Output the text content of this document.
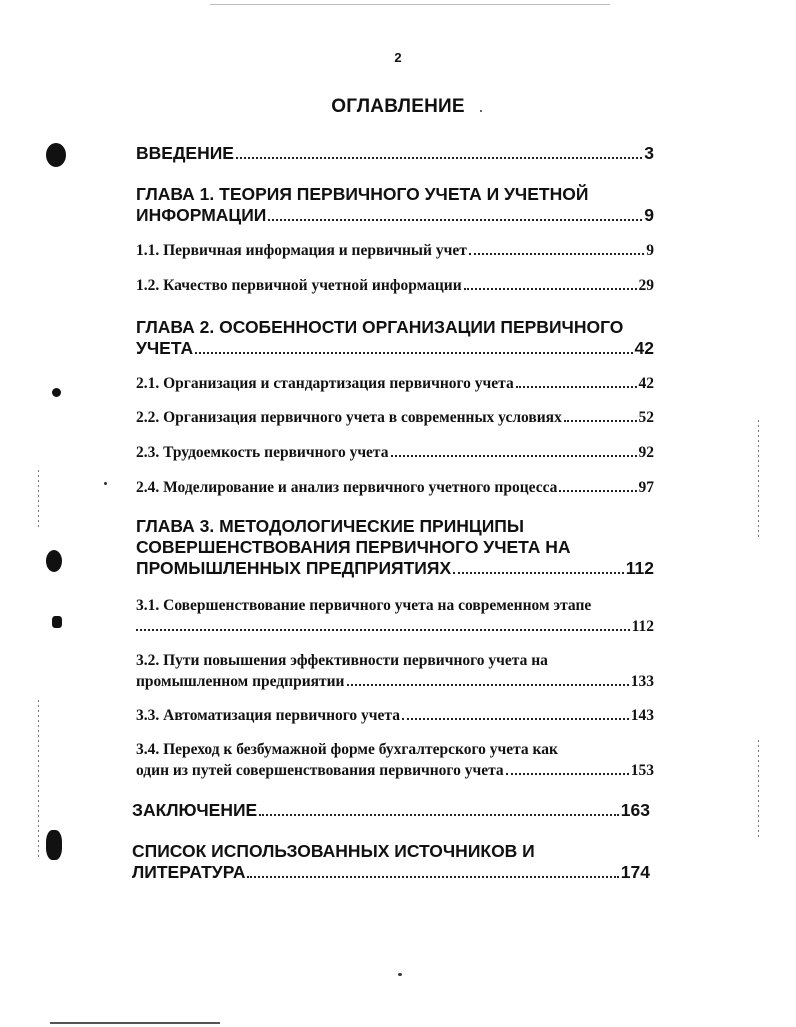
2
ОГЛАВЛЕНИЕ
ВВЕДЕНИЕ	3
ГЛАВА 1. ТЕОРИЯ ПЕРВИЧНОГО УЧЕТА И УЧЕТНОЙ
ИНФОРМАЦИИ	9
1.1. Первичная информация и первичный учет	9
1.2. Качество первичной учетной информации	29
ГЛАВА 2. ОСОБЕННОСТИ ОРГАНИЗАЦИИ ПЕРВИЧНОГО
УЧЕТА	42
2.1. Организация и стандартизация первичного учета	42
2.2. Организация первичного учета в современных условиях	52
2.3. Трудоемкость первичного учета	92
2.4. Моделирование и анализ первичного учетного процесса	97
ГЛАВА 3. МЕТОДОЛОГИЧЕСКИЕ ПРИНЦИПЫ
СОВЕРШЕНСТВОВАНИЯ ПЕРВИЧНОГО УЧЕТА НА
ПРОМЫШЛЕННЫХ ПРЕДПРИЯТИЯХ	112
3.1. Совершенствование первичного учета на современном этапе
112
3.2. Пути повышения эффективности первичного учета на
промышленном предприятии	133
3.3. Автоматизация первичного учета	143
3.4. Переход к безбумажной форме бухгалтерского учета как
один из путей совершенствования первичного учета	153
ЗАКЛЮЧЕНИЕ	163
СПИСОК ИСПОЛЬЗОВАННЫХ ИСТОЧНИКОВ И
ЛИТЕРАТУРА	174
